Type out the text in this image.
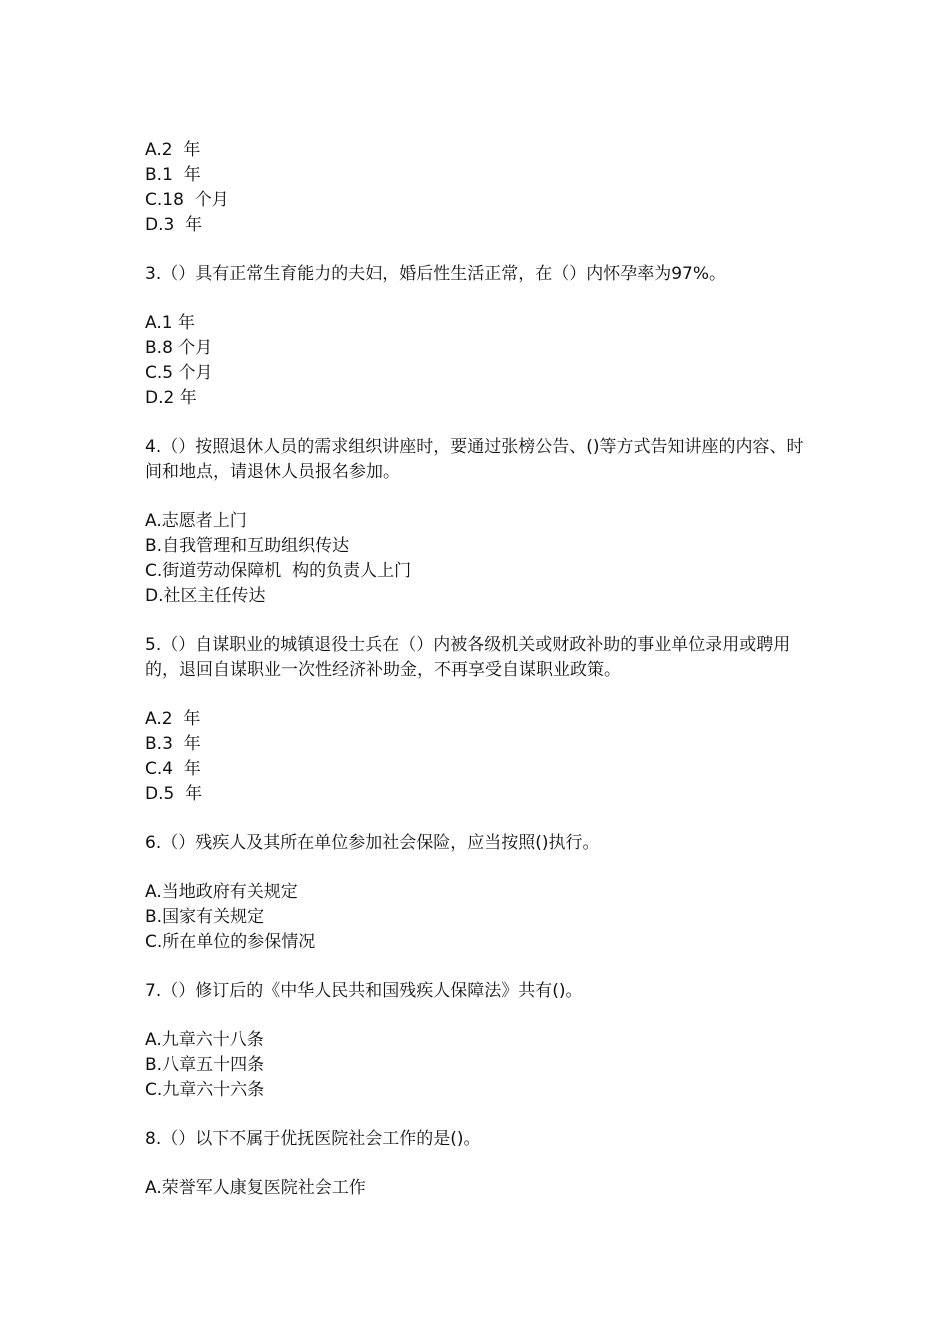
A.2  年
B.1  年
C.18  个月
D.3  年
3.（）具有正常生育能力的夫妇，婚后性生活正常，在（）内怀孕率为97%。
A.1 年
B.8 个月
C.5 个月
D.2 年
4.（）按照退休人员的需求组织讲座时，要通过张榜公告、()等方式告知讲座的内容、时间和地点，请退休人员报名参加。
A.志愿者上门
B.自我管理和互助组织传达
C.街道劳动保障机  构的负责人上门
D.社区主任传达
5.（）自谋职业的城镇退役士兵在（）内被各级机关或财政补助的事业单位录用或聘用的，退回自谋职业一次性经济补助金，不再享受自谋职业政策。
A.2  年
B.3  年
C.4  年
D.5  年
6.（）残疾人及其所在单位参加社会保险，应当按照()执行。
A.当地政府有关规定
B.国家有关规定
C.所在单位的参保情况
7.（）修订后的《中华人民共和国残疾人保障法》共有()。
A.九章六十八条
B.八章五十四条
C.九章六十六条
8.（）以下不属于优抚医院社会工作的是()。
A.荣誉军人康复医院社会工作
